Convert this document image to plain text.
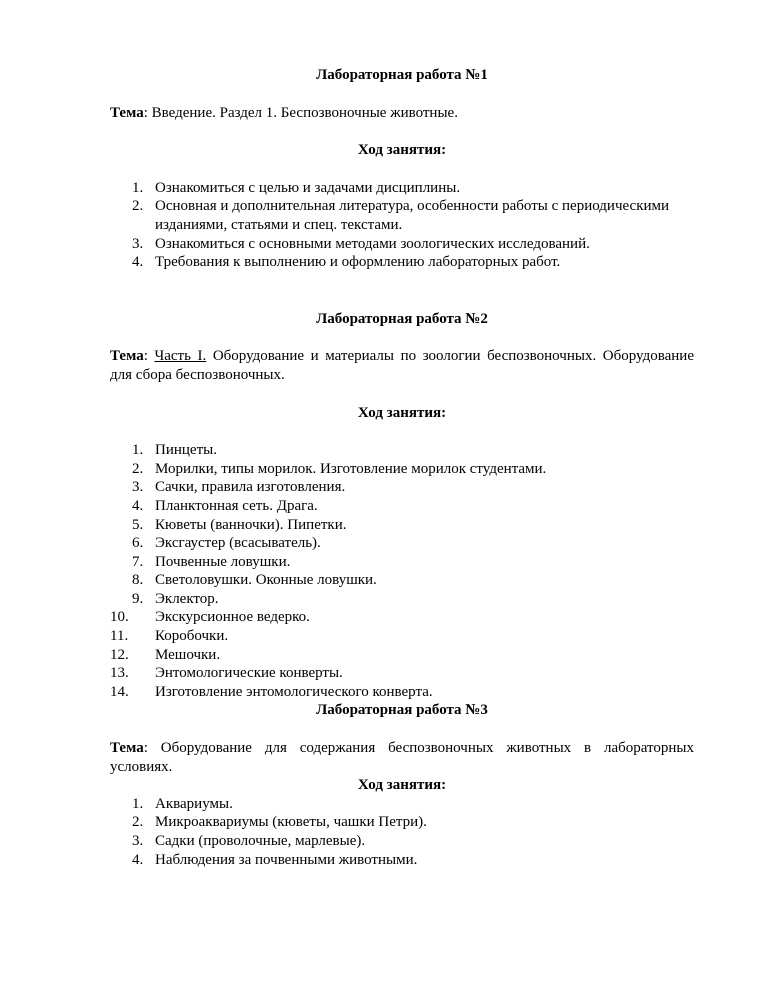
Лабораторная работа №1

Тема: Введение. Раздел 1. Беспозвоночные животные.

Ход занятия:

1. Ознакомиться с целью и задачами дисциплины.
2. Основная и дополнительная литература, особенности работы с периодическими изданиями, статьями и спец. текстами.
3. Ознакомиться с основными методами зоологических исследований.
4. Требования к выполнению и оформлению лабораторных работ.

Лабораторная работа №2

Тема: Часть I. Оборудование и материалы по зоологии беспозвоночных. Оборудование для сбора беспозвоночных.

Ход занятия:

1. Пинцеты.
2. Морилки, типы морилок. Изготовление морилок студентами.
3. Сачки, правила изготовления.
4. Планктонная сеть. Драга.
5. Кюветы (ванночки). Пипетки.
6. Эксгаустер (всасыватель).
7. Почвенные ловушки.
8. Светоловушки. Оконные ловушки.
9. Эклектор.
10. Экскурсионное ведерко.
11. Коробочки.
12. Мешочки.
13. Энтомологические конверты.
14. Изготовление энтомологического конверта.

Лабораторная работа №3

Тема: Оборудование для содержания беспозвоночных животных в лабораторных условиях.

Ход занятия:

1. Аквариумы.
2. Микроаквариумы (кюветы, чашки Петри).
3. Садки (проволочные, марлевые).
4. Наблюдения за почвенными животными.
